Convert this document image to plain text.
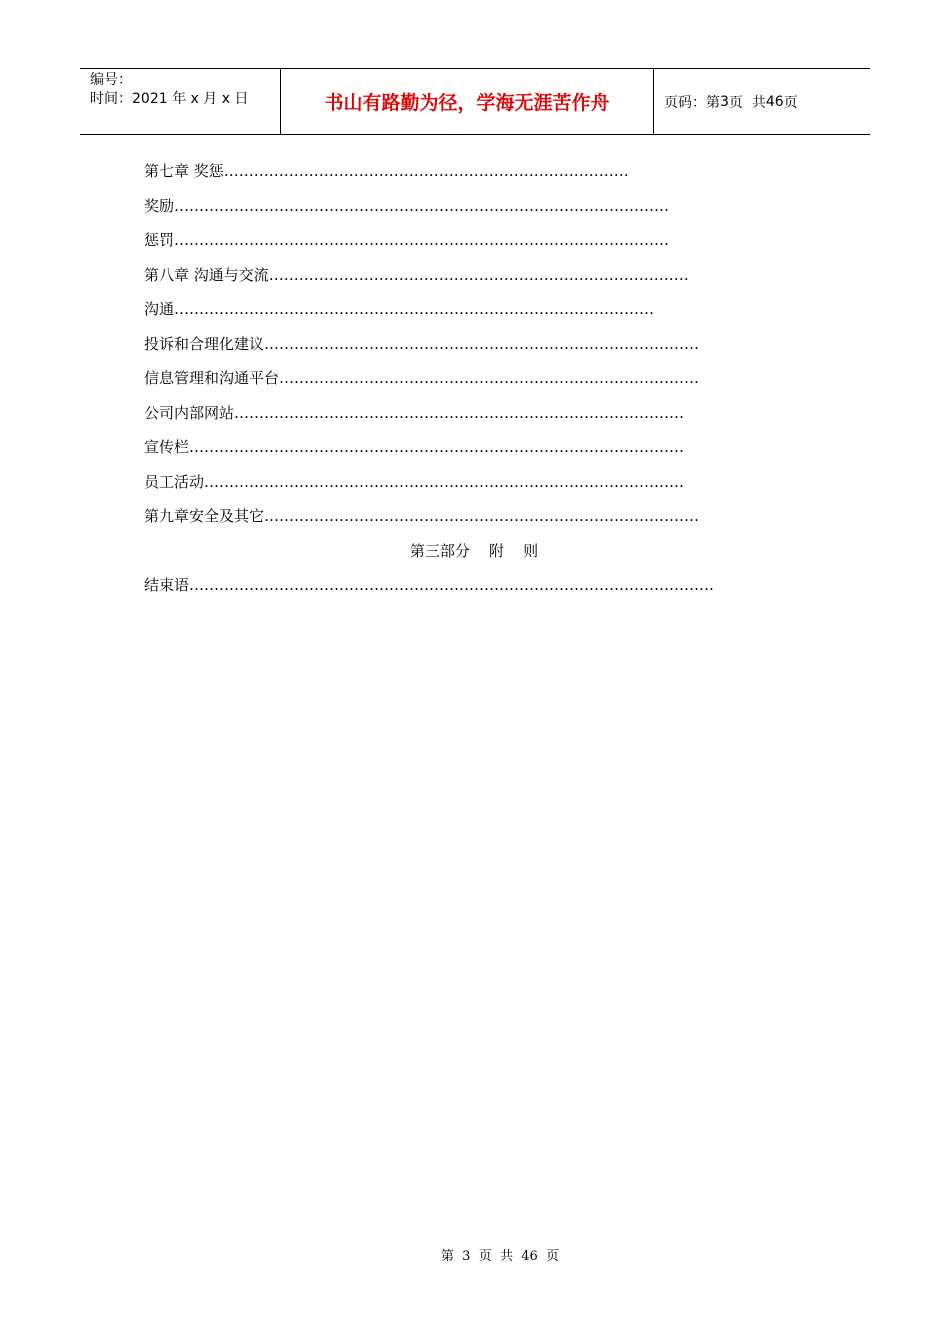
编号：
时间：2021 年 x 月 x 日	书山有路勤为径，学海无涯苦作舟	页码：第 3 页  共 46 页
第七章 奖惩………………………………………………………………………
奖励………………………………………………………………………………………
惩罚………………………………………………………………………………………
第八章 沟通与交流…………………………………………………………………………
沟通……………………………………………………………………………………
投诉和合理化建议……………………………………………………………………………
信息管理和沟通平台…………………………………………………………………………
公司内部网站………………………………………………………………………………
宣传栏………………………………………………………………………………………
员工活动……………………………………………………………………………………
第九章安全及其它……………………………………………………………………………
第三部分    附    则
结束语……………………………………………………………………………………………
第  3  页  共  46  页
